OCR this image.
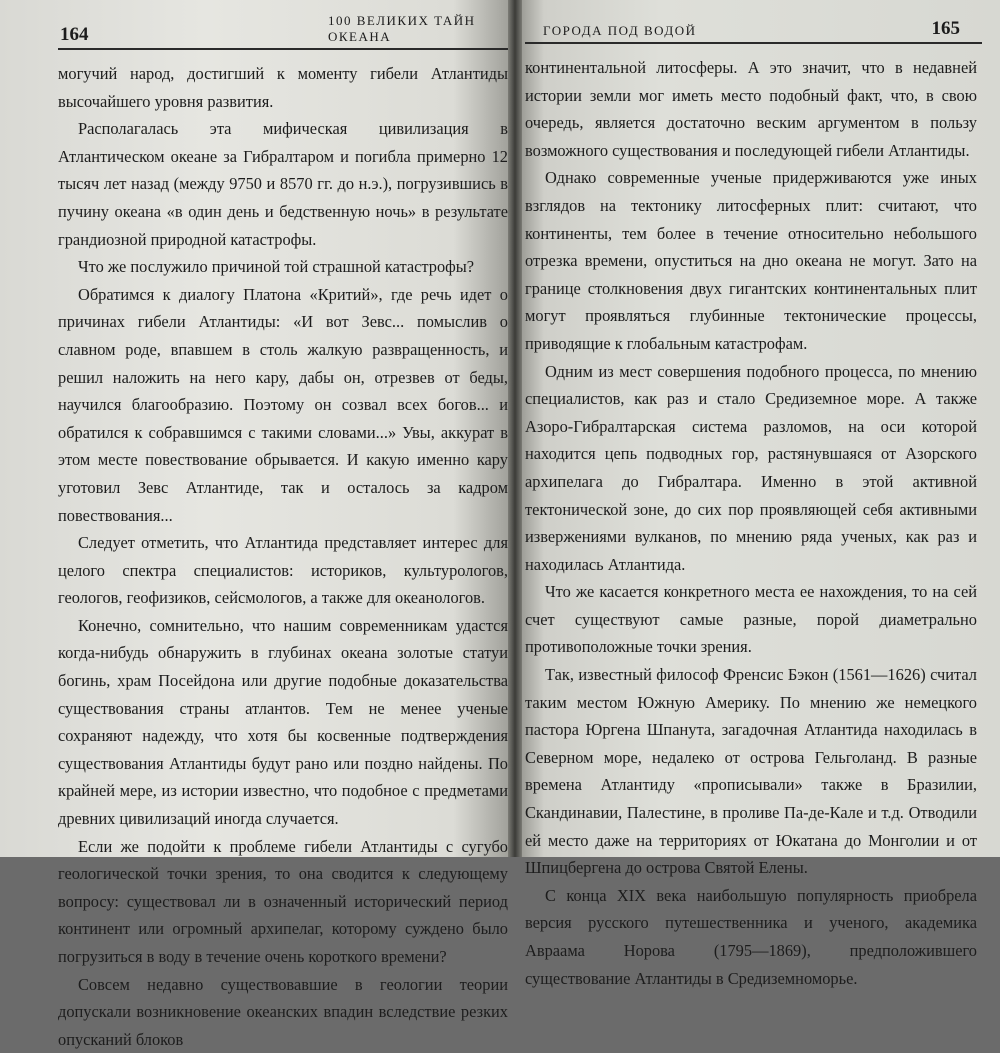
164
100 ВЕЛИКИХ ТАЙН ОКЕАНА

могучий народ, достигший к моменту гибели Атлантиды высочайшего уровня развития.

Располагалась эта мифическая цивилизация в Атлантическом океане за Гибралтаром и погибла примерно 12 тысяч лет назад (между 9750 и 8570 гг. до н.э.), погрузившись в пучину океана «в один день и бедственную ночь» в результате грандиозной природной катастрофы.

Что же послужило причиной той страшной катастрофы?

Обратимся к диалогу Платона «Критий», где речь идет о причинах гибели Атлантиды: «И вот Зевс... помыслив о славном роде, впавшем в столь жалкую развращенность, и решил наложить на него кару, дабы он, отрезвев от беды, научился благообразию. Поэтому он созвал всех богов... и обратился к собравшимся с такими словами...» Увы, аккурат в этом месте повествование обрывается. И какую именно кару уготовил Зевс Атлантиде, так и осталось за кадром повествования...

Следует отметить, что Атлантида представляет интерес для целого спектра специалистов: историков, культурологов, геологов, геофизиков, сейсмологов, а также для океанологов.

Конечно, сомнительно, что нашим современникам удастся когда-нибудь обнаружить в глубинах океана золотые статуи богинь, храм Посейдона или другие подобные доказательства существования страны атлантов. Тем не менее ученые сохраняют надежду, что хотя бы косвенные подтверждения существования Атлантиды будут рано или поздно найдены. По крайней мере, из истории известно, что подобное с предметами древних цивилизаций иногда случается.

Если же подойти к проблеме гибели Атлантиды с сугубо геологической точки зрения, то она сводится к следующему вопросу: существовал ли в означенный исторический период континент или огромный архипелаг, которому суждено было погрузиться в воду в течение очень короткого времени?

Совсем недавно существовавшие в геологии теории допускали возникновение океанских впадин вследствие резких опусканий блоков

ГОРОДА ПОД ВОДОЙ	165

континентальной литосферы. А это значит, что в недавней истории земли мог иметь место подобный факт, что, в свою очередь, является достаточно веским аргументом в пользу возможного существования и последующей гибели Атлантиды.

Однако современные ученые придерживаются уже иных взглядов на тектонику литосферных плит: считают, что континенты, тем более в течение относительно небольшого отрезка времени, опуститься на дно океана не могут. Зато на границе столкновения двух гигантских континентальных плит могут проявляться глубинные тектонические процессы, приводящие к глобальным катастрофам.

Одним из мест совершения подобного процесса, по мнению специалистов, как раз и стало Средиземное море. А также Азоро-Гибралтарская система разломов, на оси которой находится цепь подводных гор, растянувшаяся от Азорского архипелага до Гибралтара. Именно в этой активной тектонической зоне, до сих пор проявляющей себя активными извержениями вулканов, по мнению ряда ученых, как раз и находилась Атлантида.

Что же касается конкретного места ее нахождения, то на сей счет существуют самые разные, порой диаметрально противоположные точки зрения.

Так, известный философ Френсис Бэкон (1561—1626) считал таким местом Южную Америку. По мнению же немецкого пастора Юргена Шпанута, загадочная Атлантида находилась в Северном море, недалеко от острова Гельголанд. В разные времена Атлантиду «прописывали» также в Бразилии, Скандинавии, Палестине, в проливе Па-де-Кале и т.д. Отводили ей место даже на территориях от Юкатана до Монголии и от Шпицбергена до острова Святой Елены.

С конца XIX века наибольшую популярность приобрела версия русского путешественника и ученого, академика Авраама Норова (1795—1869), предположившего существование Атлантиды в Средиземноморье.
